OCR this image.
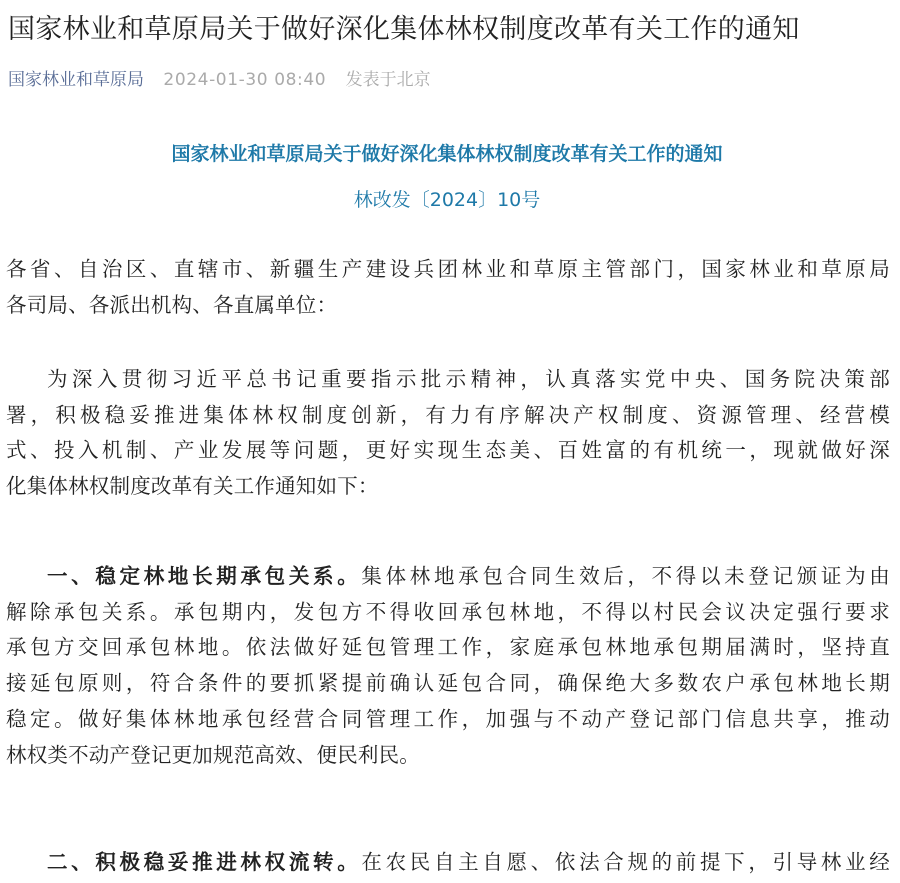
国家林业和草原局关于做好深化集体林权制度改革有关工作的通知
国家林业和草原局 2024-01-30 08:40 发表于北京
国家林业和草原局关于做好深化集体林权制度改革有关工作的通知
林改发〔2024〕10号
各省、自治区、直辖市、新疆生产建设兵团林业和草原主管部门，国家林业和草原局
各司局、各派出机构、各直属单位：
为深入贯彻习近平总书记重要指示批示精神，认真落实党中央、国务院决策部
署，积极稳妥推进集体林权制度创新，有力有序解决产权制度、资源管理、经营模
式、投入机制、产业发展等问题，更好实现生态美、百姓富的有机统一，现就做好深
化集体林权制度改革有关工作通知如下：
一、稳定林地长期承包关系。集体林地承包合同生效后，不得以未登记颁证为由
解除承包关系。承包期内，发包方不得收回承包林地，不得以村民会议决定强行要求
承包方交回承包林地。依法做好延包管理工作，家庭承包林地承包期届满时，坚持直
接延包原则，符合条件的要抓紧提前确认延包合同，确保绝大多数农户承包林地长期
稳定。做好集体林地承包经营合同管理工作，加强与不动产登记部门信息共享，推动
林权类不动产登记更加规范高效、便民利民。
二、积极稳妥推进林权流转。在农民自主自愿、依法合规的前提下，引导林业经
